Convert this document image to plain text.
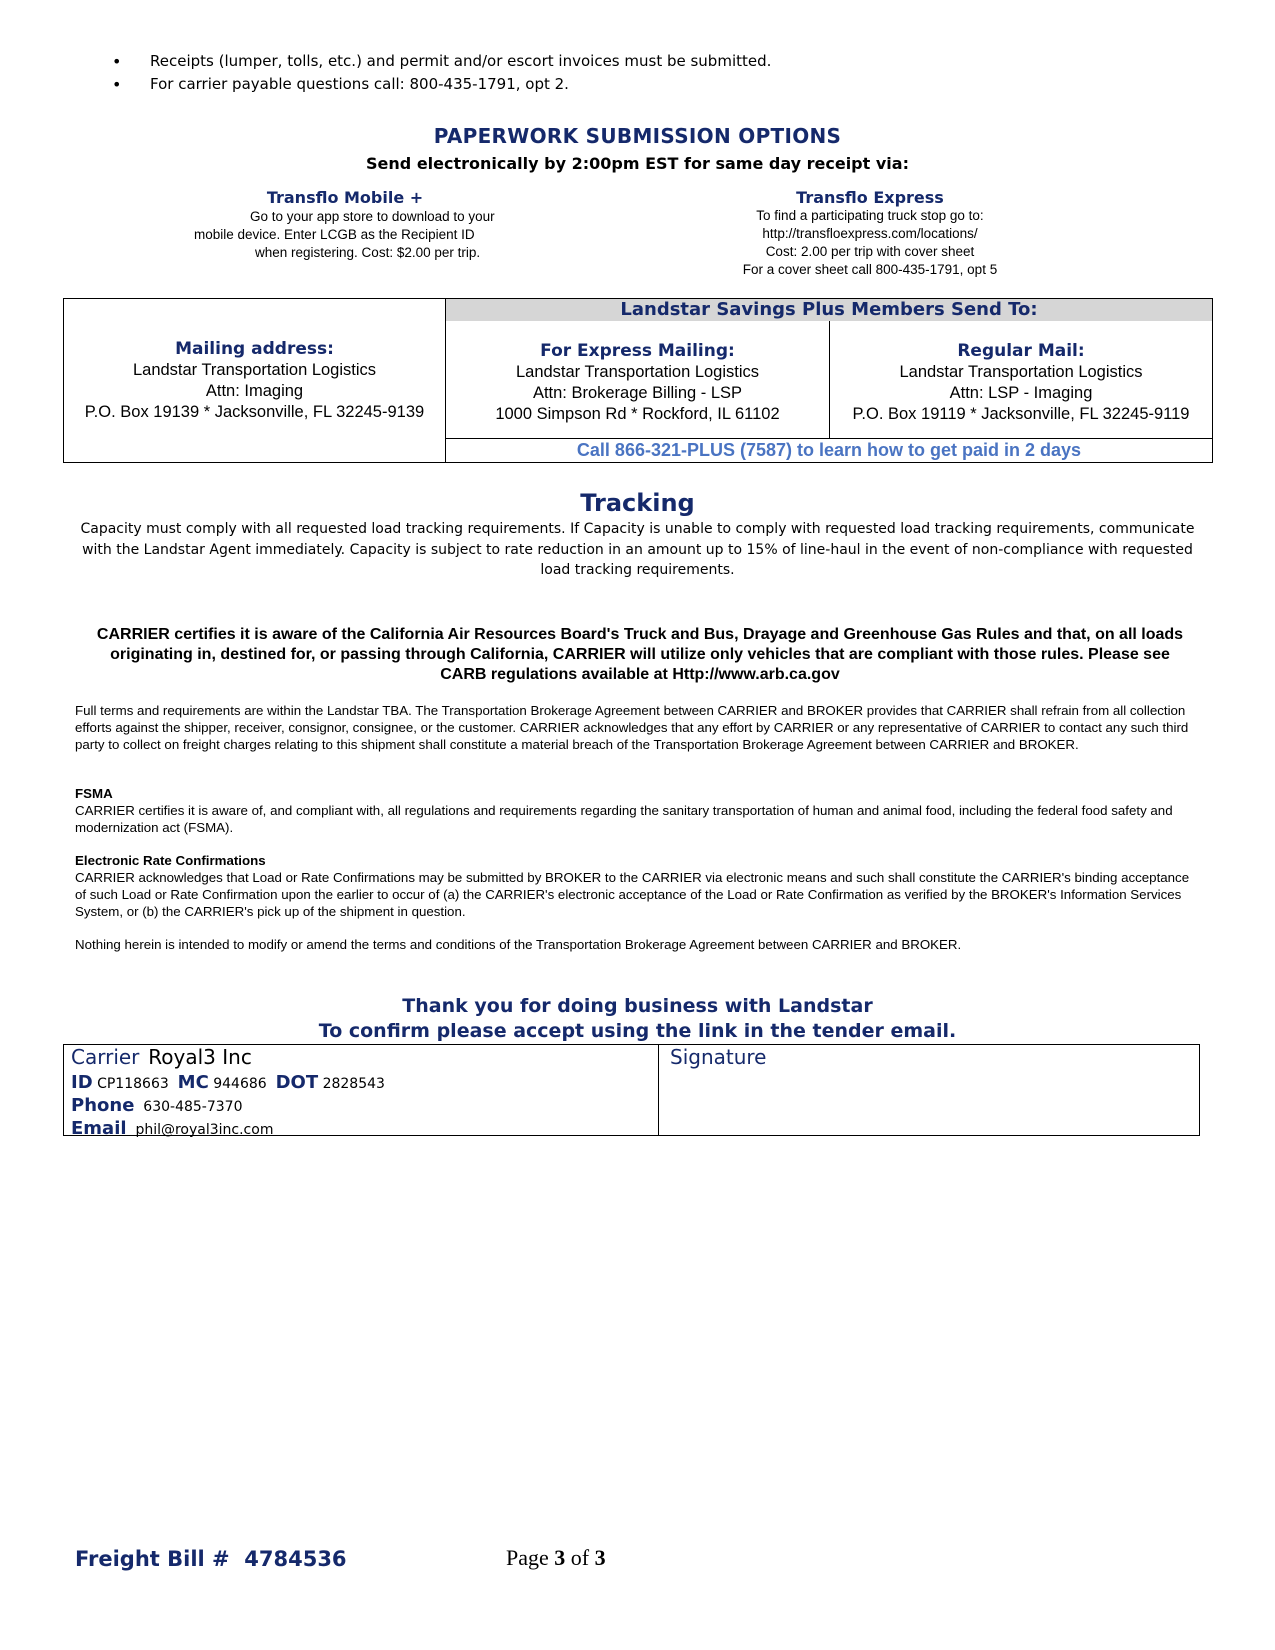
• Receipts (lumper, tolls, etc.) and permit and/or escort invoices must be submitted.
• For carrier payable questions call: 800-435-1791, opt 2.
PAPERWORK SUBMISSION OPTIONS
Send electronically by 2:00pm EST for same day receipt via:
Transflo Mobile +
Go to your app store to download to your
mobile device. Enter LCGB as the Recipient ID
when registering. Cost: $2.00 per trip.
Transflo Express
To find a participating truck stop go to:
http://transfloexpress.com/locations/
Cost: 2.00 per trip with cover sheet
For a cover sheet call 800-435-1791, opt 5
Mailing address:
Landstar Transportation Logistics
Attn: Imaging
P.O. Box 19139 * Jacksonville, FL 32245-9139
Landstar Savings Plus Members Send To:
For Express Mailing:
Landstar Transportation Logistics
Attn: Brokerage Billing - LSP
1000 Simpson Rd * Rockford, IL 61102
Regular Mail:
Landstar Transportation Logistics
Attn: LSP - Imaging
P.O. Box 19119 * Jacksonville, FL 32245-9119
Call 866-321-PLUS (7587) to learn how to get paid in 2 days
Tracking
Capacity must comply with all requested load tracking requirements. If Capacity is unable to comply with requested load tracking requirements, communicate with the Landstar Agent immediately. Capacity is subject to rate reduction in an amount up to 15% of line-haul in the event of non-compliance with requested load tracking requirements.
CARRIER certifies it is aware of the California Air Resources Board's Truck and Bus, Drayage and Greenhouse Gas Rules and that, on all loads originating in, destined for, or passing through California, CARRIER will utilize only vehicles that are compliant with those rules. Please see CARB regulations available at Http://www.arb.ca.gov
Full terms and requirements are within the Landstar TBA. The Transportation Brokerage Agreement between CARRIER and BROKER provides that CARRIER shall refrain from all collection efforts against the shipper, receiver, consignor, consignee, or the customer. CARRIER acknowledges that any effort by CARRIER or any representative of CARRIER to contact any such third party to collect on freight charges relating to this shipment shall constitute a material breach of the Transportation Brokerage Agreement between CARRIER and BROKER.
FSMA
CARRIER certifies it is aware of, and compliant with, all regulations and requirements regarding the sanitary transportation of human and animal food, including the federal food safety and modernization act (FSMA).
Electronic Rate Confirmations
CARRIER acknowledges that Load or Rate Confirmations may be submitted by BROKER to the CARRIER via electronic means and such shall constitute the CARRIER's binding acceptance of such Load or Rate Confirmation upon the earlier to occur of (a) the CARRIER's electronic acceptance of the Load or Rate Confirmation as verified by the BROKER's Information Services System, or (b) the CARRIER's pick up of the shipment in question.
Nothing herein is intended to modify or amend the terms and conditions of the Transportation Brokerage Agreement between CARRIER and BROKER.
Thank you for doing business with Landstar
To confirm please accept using the link in the tender email.
Carrier Royal3 Inc
ID CP118663 MC 944686 DOT 2828543
Phone 630-485-7370
Email phil@royal3inc.com
Signature
Freight Bill # 4784536	Page 3 of 3
